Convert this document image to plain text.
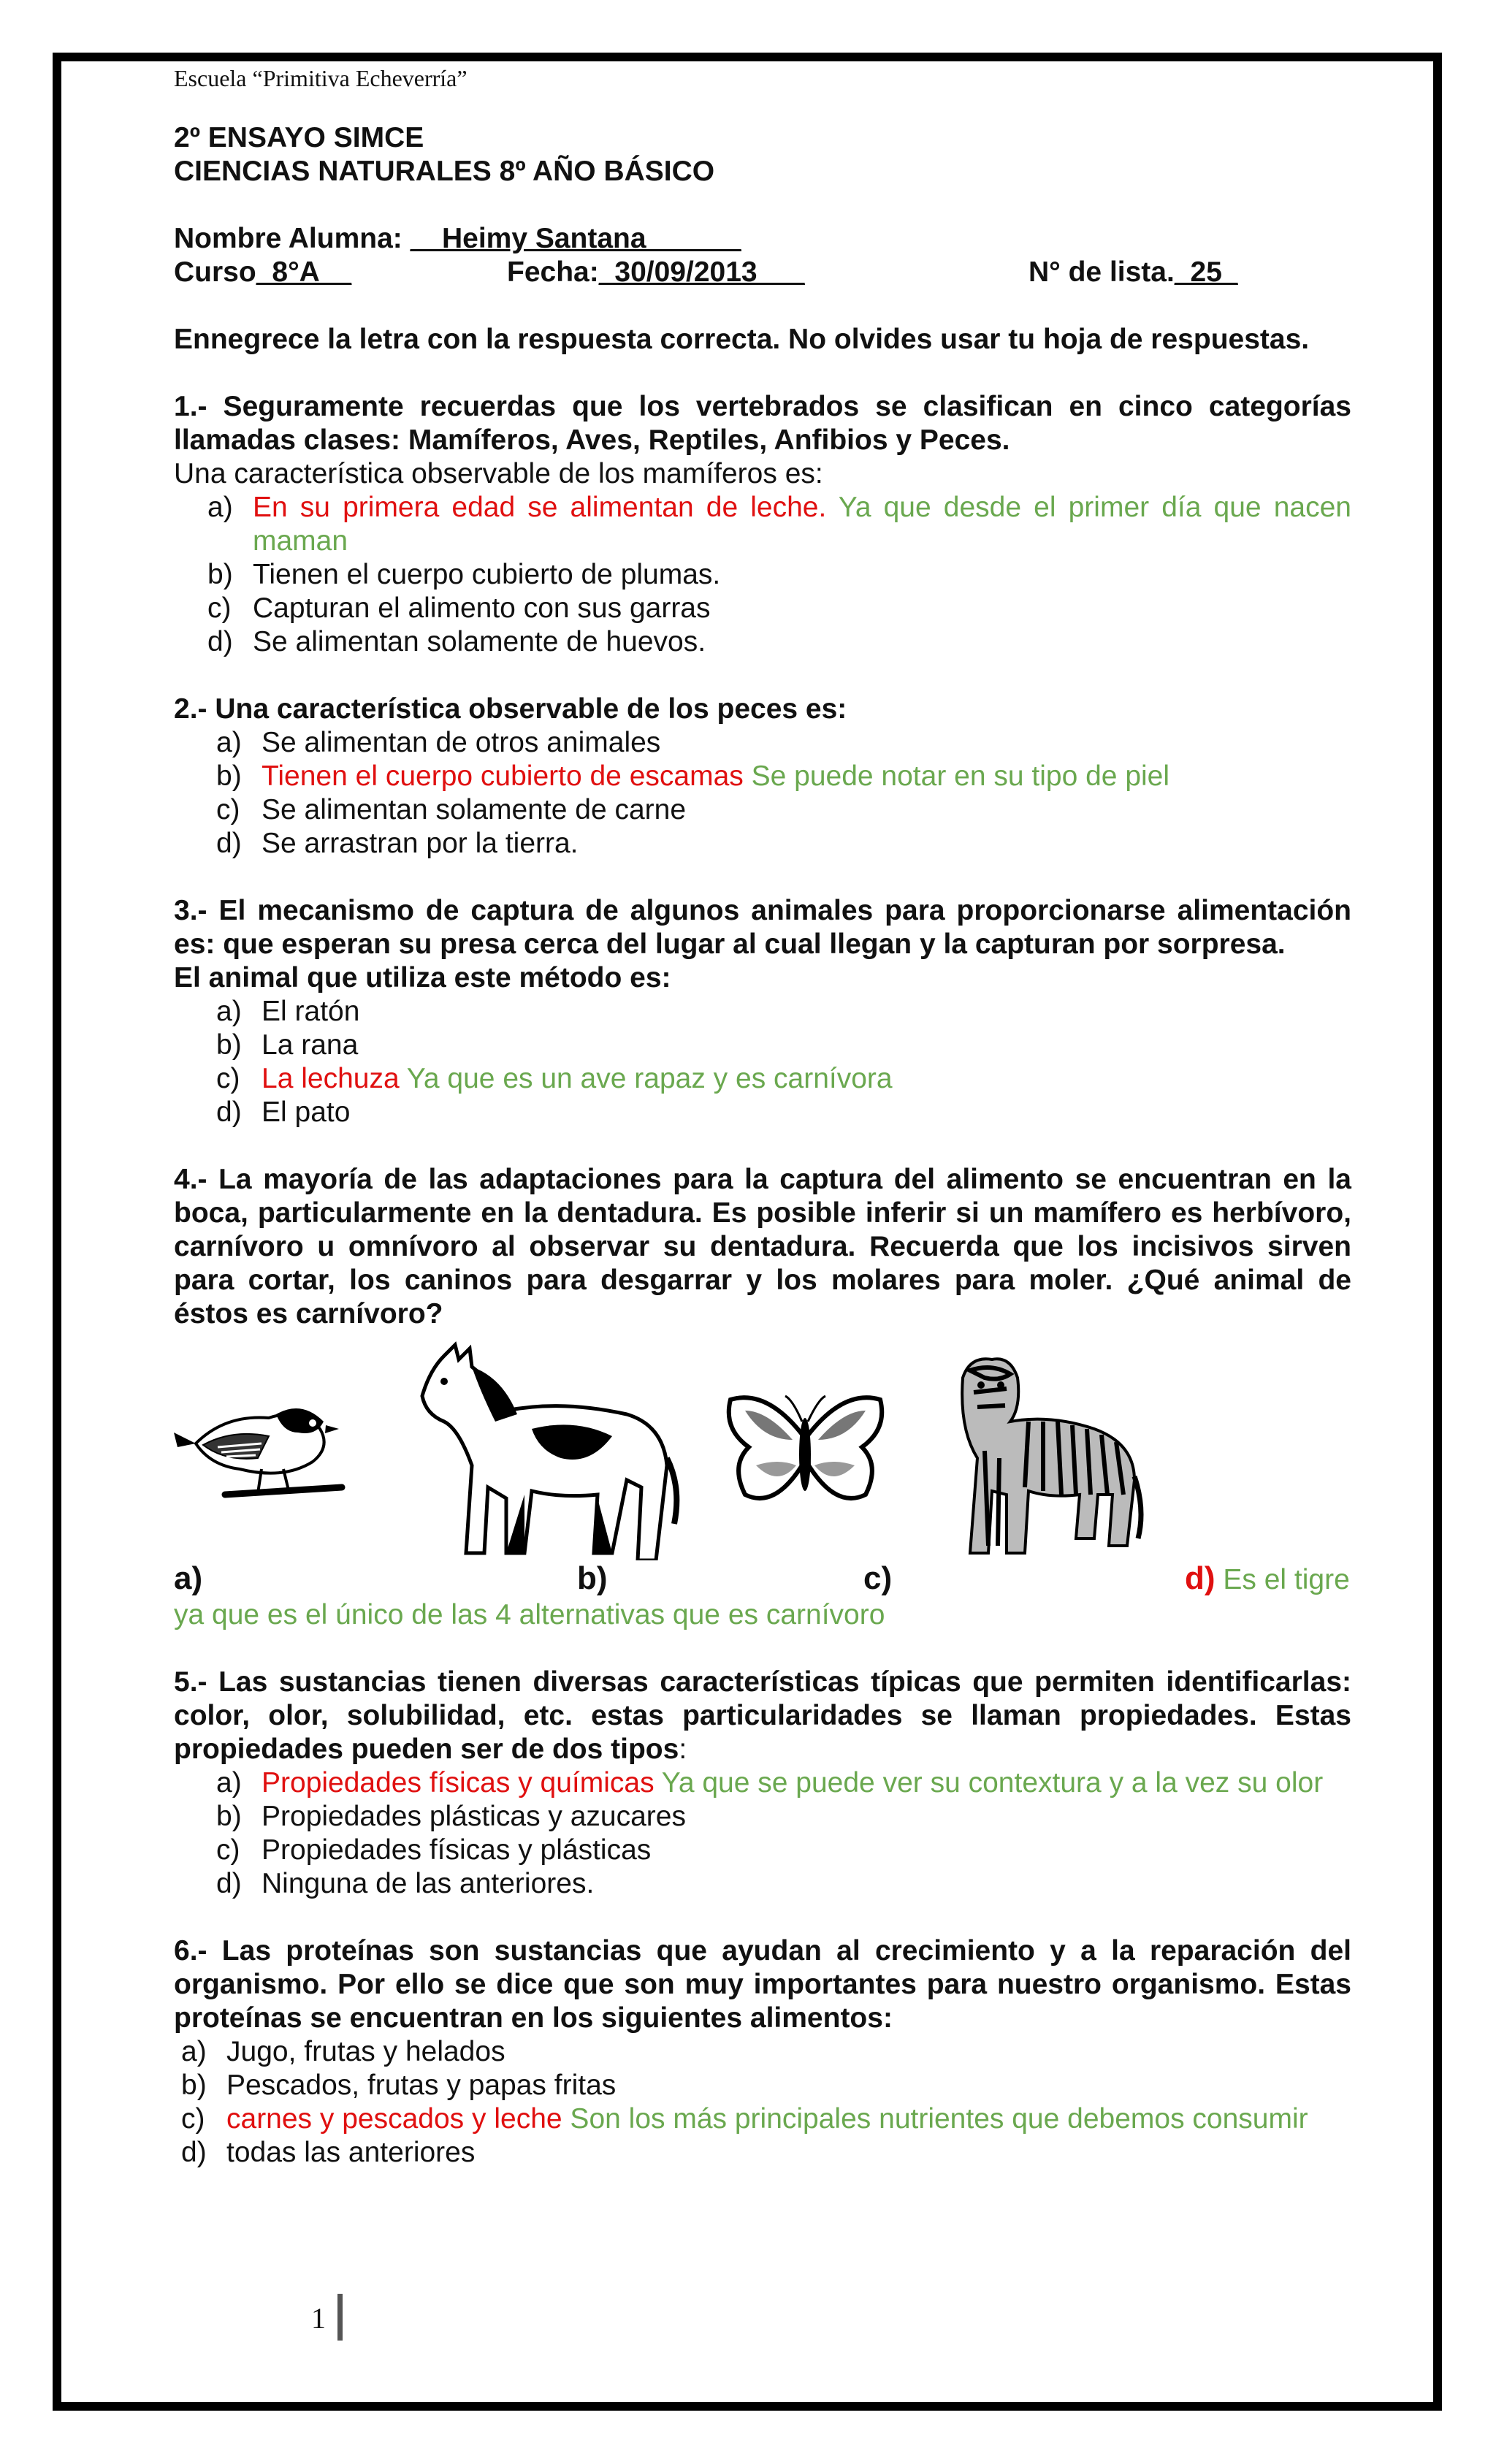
Escuela “Primitiva Echeverría”
2º ENSAYO SIMCE
CIENCIAS NATURALES 8º AÑO BÁSICO
Nombre Alumna: __Heimy Santana______
Curso_8°A__	Fecha:_30/09/2013___	N° de lista._25_
Ennegrece la letra con la respuesta correcta. No olvides usar tu hoja de respuestas.
1.- Seguramente recuerdas que los vertebrados se clasifican en cinco categorías llamadas clases: Mamíferos, Aves, Reptiles, Anfibios y Peces.
Una característica observable de los mamíferos es:
a) En su primera edad se alimentan de leche. Ya que desde el primer día que nacen maman
b) Tienen el cuerpo cubierto de plumas.
c) Capturan el alimento con sus garras
d) Se alimentan solamente de huevos.
2.- Una característica observable de los peces es:
a) Se alimentan de otros animales
b) Tienen el cuerpo cubierto de escamas Se puede notar en su tipo de piel
c) Se alimentan solamente de carne
d) Se arrastran por la tierra.
3.- El mecanismo de captura de algunos animales para proporcionarse alimentación es: que esperan su presa cerca del lugar al cual llegan y la capturan por sorpresa.
El animal que utiliza este método es:
a) El ratón
b) La rana
c) La lechuza Ya que es un ave rapaz y es carnívora
d) El pato
4.- La mayoría de las adaptaciones para la captura del alimento se encuentran en la boca, particularmente en la dentadura. Es posible inferir si un mamífero es herbívoro, carnívoro u omnívoro al observar su dentadura. Recuerda que los incisivos sirven para cortar, los caninos para desgarrar y los molares para moler. ¿Qué animal de éstos es carnívoro?
a)	b)	c)	d) Es el tigre
ya que es el único de las 4 alternativas que es carnívoro
5.- Las sustancias tienen diversas características típicas que permiten identificarlas: color, olor, solubilidad, etc. estas particularidades se llaman propiedades. Estas propiedades pueden ser de dos tipos:
a) Propiedades físicas y químicas Ya que se puede ver su contextura y a la vez su olor
b) Propiedades plásticas y azucares
c) Propiedades físicas y plásticas
d) Ninguna de las anteriores.
6.- Las proteínas son sustancias que ayudan al crecimiento y a la reparación del organismo. Por ello se dice que son muy importantes para nuestro organismo. Estas proteínas se encuentran en los siguientes alimentos:
a) Jugo, frutas y helados
b) Pescados, frutas y papas fritas
c) carnes y pescados y leche Son los más principales nutrientes que debemos consumir
d) todas las anteriores
1
